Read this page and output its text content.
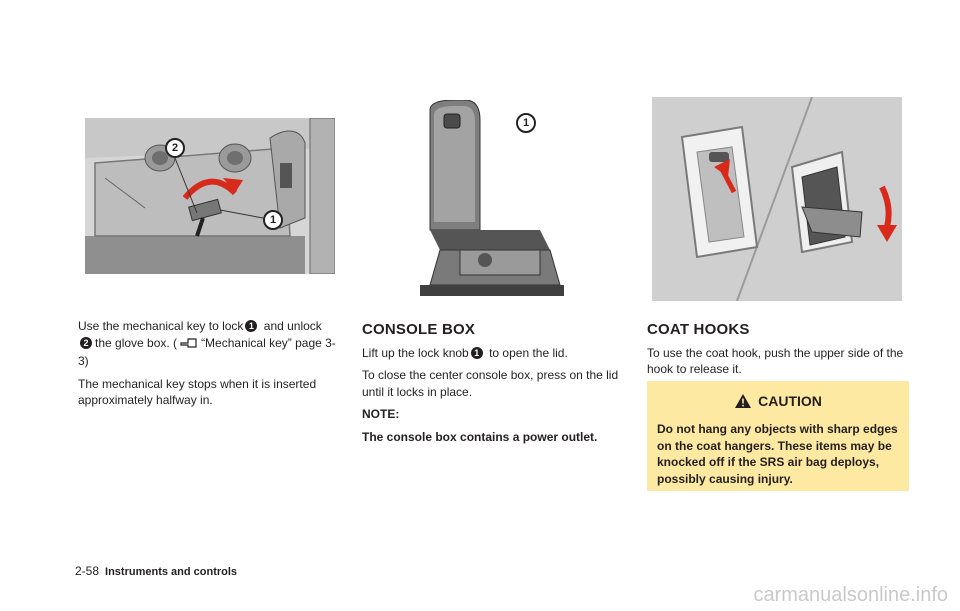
2
1
1

Use the mechanical key to lock 1 and unlock 2 the glove box. ( “Mechanical key” page 3-3)

The mechanical key stops when it is inserted approximately halfway in.

CONSOLE BOX

Lift up the lock knob 1 to open the lid.

To close the center console box, press on the lid until it locks in place.

NOTE:

The console box contains a power outlet.

COAT HOOKS

To use the coat hook, push the upper side of the hook to release it.

CAUTION
Do not hang any objects with sharp edges on the coat hangers. These items may be knocked off if the SRS air bag deploys, possibly causing injury.
2-58 Instruments and controls
carmanualsonline.info
